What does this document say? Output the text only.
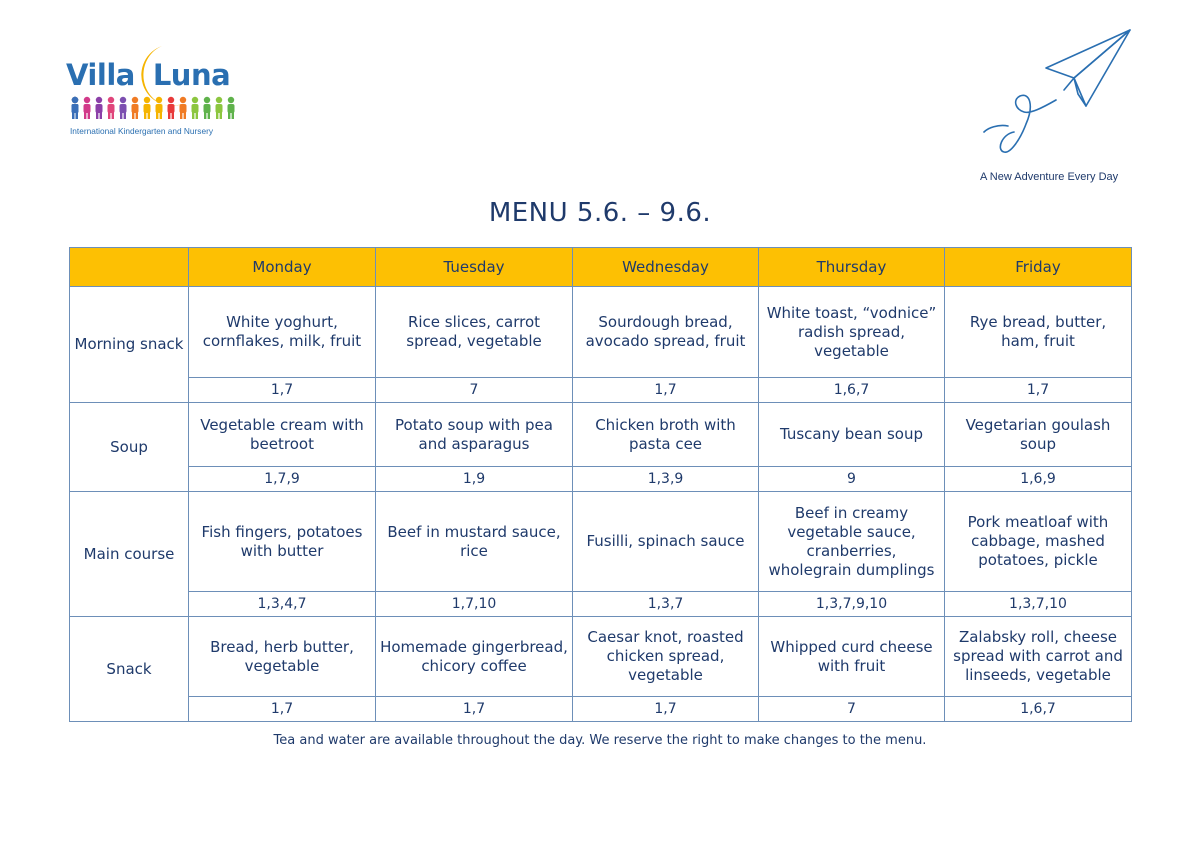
Villa Luna
International Kindergarten and Nursery
A New Adventure Every Day
MENU 5.6. – 9.6.
	Monday	Tuesday	Wednesday	Thursday	Friday
Morning snack	White yoghurt, cornflakes, milk, fruit	Rice slices, carrot spread, vegetable	Sourdough bread, avocado spread, fruit	White toast, “vodnice” radish spread, vegetable	Rye bread, butter, ham, fruit
	1,7	7	1,7	1,6,7	1,7
Soup	Vegetable cream with beetroot	Potato soup with pea and asparagus	Chicken broth with pasta cee	Tuscany bean soup	Vegetarian goulash soup
	1,7,9	1,9	1,3,9	9	1,6,9
Main course	Fish fingers, potatoes with butter	Beef in mustard sauce, rice	Fusilli, spinach sauce	Beef in creamy vegetable sauce, cranberries, wholegrain dumplings	Pork meatloaf with cabbage, mashed potatoes, pickle
	1,3,4,7	1,7,10	1,3,7	1,3,7,9,10	1,3,7,10
Snack	Bread, herb butter, vegetable	Homemade gingerbread, chicory coffee	Caesar knot, roasted chicken spread, vegetable	Whipped curd cheese with fruit	Zalabsky roll, cheese spread with carrot and linseeds, vegetable
	1,7	1,7	1,7	7	1,6,7
Tea and water are available throughout the day. We reserve the right to make changes to the menu.
